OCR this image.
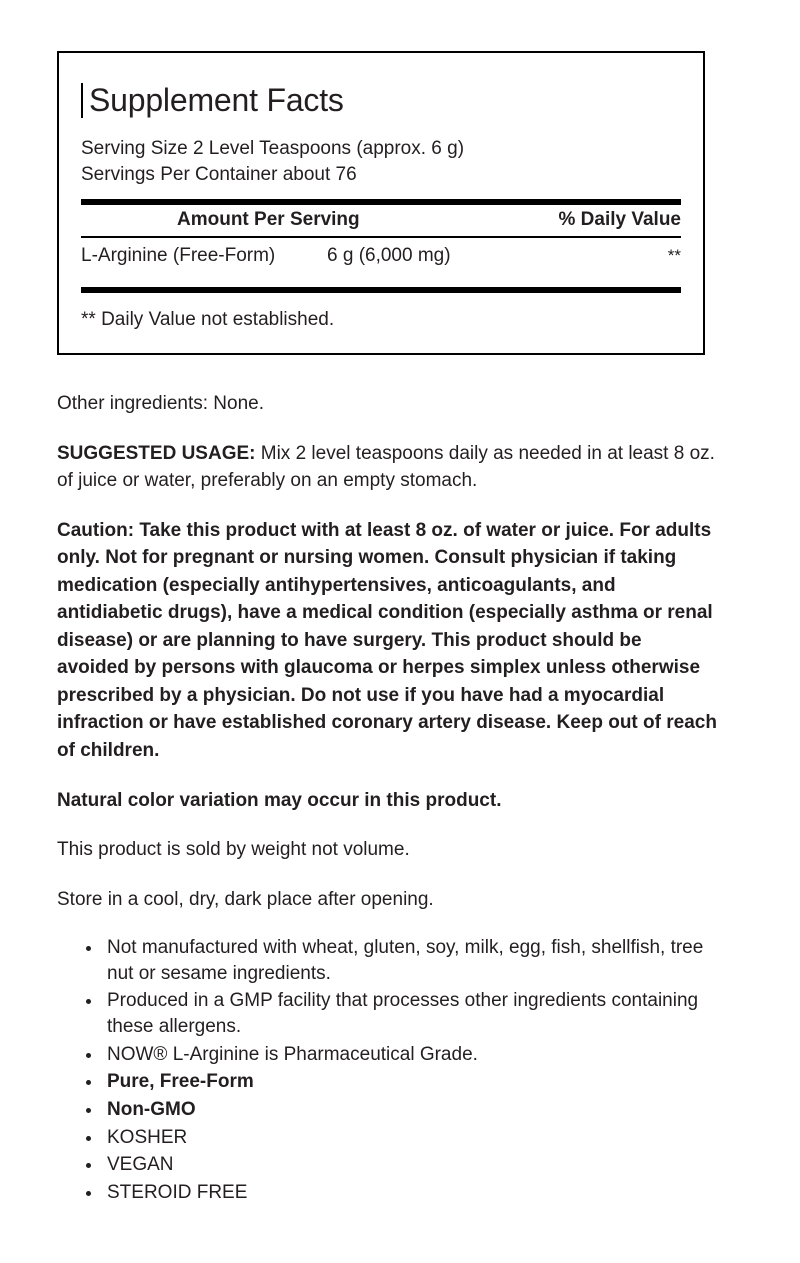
Supplement Facts
Serving Size 2 Level Teaspoons (approx. 6 g)
Servings Per Container about 76
Amount Per Serving	% Daily Value
L-Arginine (Free-Form)	6 g (6,000 mg)	**
** Daily Value not established.

Other ingredients: None.

SUGGESTED USAGE: Mix 2 level teaspoons daily as needed in at least 8 oz. of juice or water, preferably on an empty stomach.

Caution: Take this product with at least 8 oz. of water or juice. For adults only. Not for pregnant or nursing women. Consult physician if taking medication (especially antihypertensives, anticoagulants, and antidiabetic drugs), have a medical condition (especially asthma or renal disease) or are planning to have surgery. This product should be avoided by persons with glaucoma or herpes simplex unless otherwise prescribed by a physician. Do not use if you have had a myocardial infraction or have established coronary artery disease. Keep out of reach of children.

Natural color variation may occur in this product.

This product is sold by weight not volume.

Store in a cool, dry, dark place after opening.

• Not manufactured with wheat, gluten, soy, milk, egg, fish, shellfish, tree nut or sesame ingredients.
• Produced in a GMP facility that processes other ingredients containing these allergens.
• NOW® L-Arginine is Pharmaceutical Grade.
• Pure, Free-Form
• Non-GMO
• KOSHER
• VEGAN
• STEROID FREE
